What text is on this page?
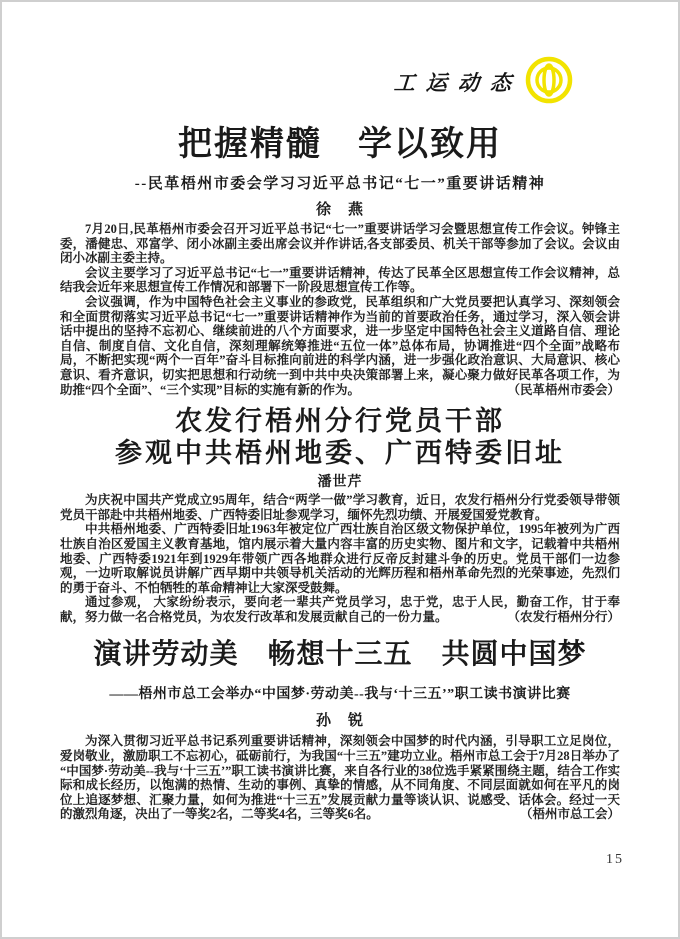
工运动态
把握精髓　学以致用
--民革梧州市委会学习习近平总书记“七一”重要讲话精神
徐　燕

7月20日,民革梧州市委会召开习近平总书记“七一”重要讲话学习会暨思想宣传工作会议。钟锋主委，潘健忠、邓富学、闭小冰副主委出席会议并作讲话,各支部委员、机关干部等参加了会议。会议由闭小冰副主委主持。

会议主要学习了习近平总书记“七一”重要讲话精神，传达了民革全区思想宣传工作会议精神，总结我会近年来思想宣传工作情况和部署下一阶段思想宣传工作等。

会议强调，作为中国特色社会主义事业的参政党，民革组织和广大党员要把认真学习、深刻领会和全面贯彻落实习近平总书记“七一”重要讲话精神作为当前的首要政治任务，通过学习，深入领会讲话中提出的坚持不忘初心、继续前进的八个方面要求，进一步坚定中国特色社会主义道路自信、理论自信、制度自信、文化自信，深刻理解统筹推进“五位一体”总体布局，协调推进“四个全面”战略布局，不断把实现“两个一百年”奋斗目标推向前进的科学内涵，进一步强化政治意识、大局意识、核心意识、看齐意识，切实把思想和行动统一到中共中央决策部署上来，凝心聚力做好民革各项工作，为助推“四个全面”、“三个实现”目标的实施有新的作为。	（民革梧州市委会）

农发行梧州分行党员干部
参观中共梧州地委、广西特委旧址
潘世芹

为庆祝中国共产党成立95周年，结合“两学一做”学习教育，近日，农发行梧州分行党委领导带领党员干部赴中共梧州地委、广西特委旧址参观学习，缅怀先烈功绩、开展爱国爱党教育。

中共梧州地委、广西特委旧址1963年被定位广西壮族自治区级文物保护单位，1995年被列为广西壮族自治区爱国主义教育基地，馆内展示着大量内容丰富的历史实物、图片和文字，记载着中共梧州地委、广西特委1921年到1929年带领广西各地群众进行反帝反封建斗争的历史。党员干部们一边参观，一边听取解说员讲解广西早期中共领导机关活动的光辉历程和梧州革命先烈的光荣事迹，先烈们的勇于奋斗、不怕牺牲的革命精神让大家深受鼓舞。

通过参观， 大家纷纷表示，要向老一辈共产党员学习，忠于党，忠于人民，勤奋工作，甘于奉献，努力做一名合格党员，为农发行改革和发展贡献自己的一份力量。	（农发行梧州分行）

演讲劳动美　畅想十三五　共圆中国梦
——梧州市总工会举办“中国梦·劳动美--我与‘十三五’”职工读书演讲比赛
孙　锐

为深入贯彻习近平总书记系列重要讲话精神，深刻领会中国梦的时代内涵，引导职工立足岗位，爱岗敬业，激励职工不忘初心，砥砺前行，为我国“十三五”建功立业。梧州市总工会于7月28日举办了“中国梦·劳动美--我与‘十三五’”职工读书演讲比赛，来自各行业的38位选手紧紧围绕主题，结合工作实际和成长经历，以饱满的热情、生动的事例、真挚的情感，从不同角度、不同层面就如何在平凡的岗位上追逐梦想、汇聚力量，如何为推进“十三五”发展贡献力量等谈认识、说感受、话体会。经过一天的激烈角逐，决出了一等奖2名，二等奖4名，三等奖6名。	（梧州市总工会）

15
